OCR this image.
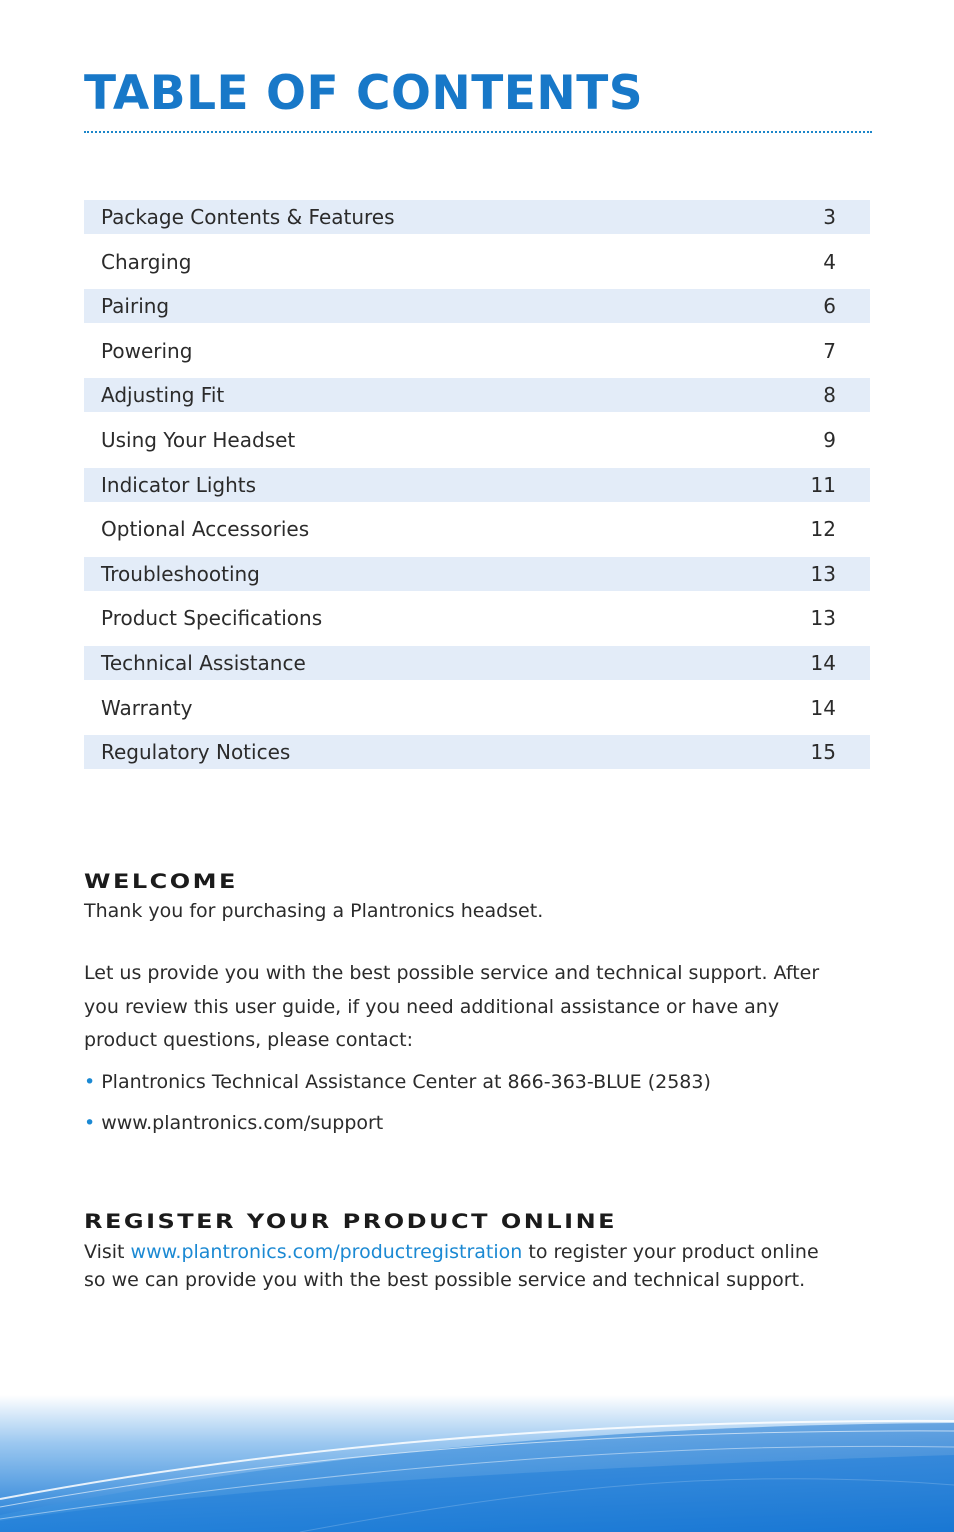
TABLE OF CONTENTS
Package Contents & Features	3
Charging	4
Pairing	6
Powering	7
Adjusting Fit	8
Using Your Headset	9
Indicator Lights	11
Optional Accessories	12
Troubleshooting	13
Product Specifications	13
Technical Assistance	14
Warranty	14
Regulatory Notices	15
WELCOME

Thank you for purchasing a Plantronics headset.

Let us provide you with the best possible service and technical support. After you review this user guide, if you need additional assistance or have any product questions, please contact:

• Plantronics Technical Assistance Center at 866-363-BLUE (2583)
• www.plantronics.com/support
REGISTER YOUR PRODUCT ONLINE

Visit www.plantronics.com/productregistration to register your product online

so we can provide you with the best possible service and technical support.
